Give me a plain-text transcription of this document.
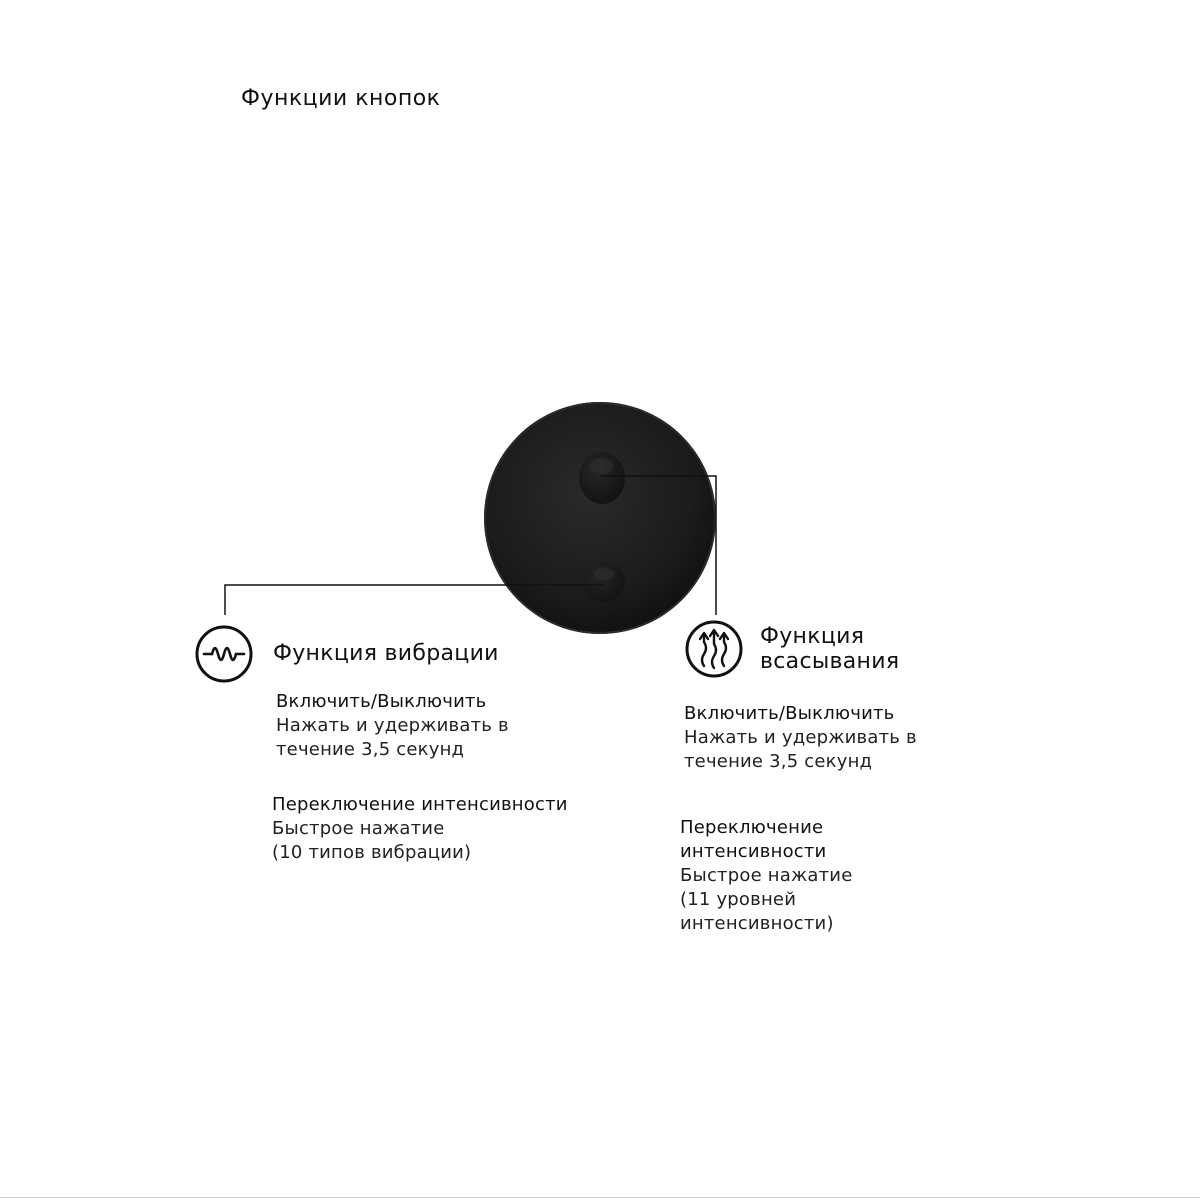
Функции кнопок
Функция вибрации
Включить/Выключить
Нажать и удерживать в
течение 3,5 секунд
Переключение интенсивности
Быстрое нажатие
(10 типов вибрации)
Функция
всасывания
Включить/Выключить
Нажать и удерживать в
течение 3,5 секунд
Переключение
интенсивности
Быстрое нажатие
(11 уровней
интенсивности)
